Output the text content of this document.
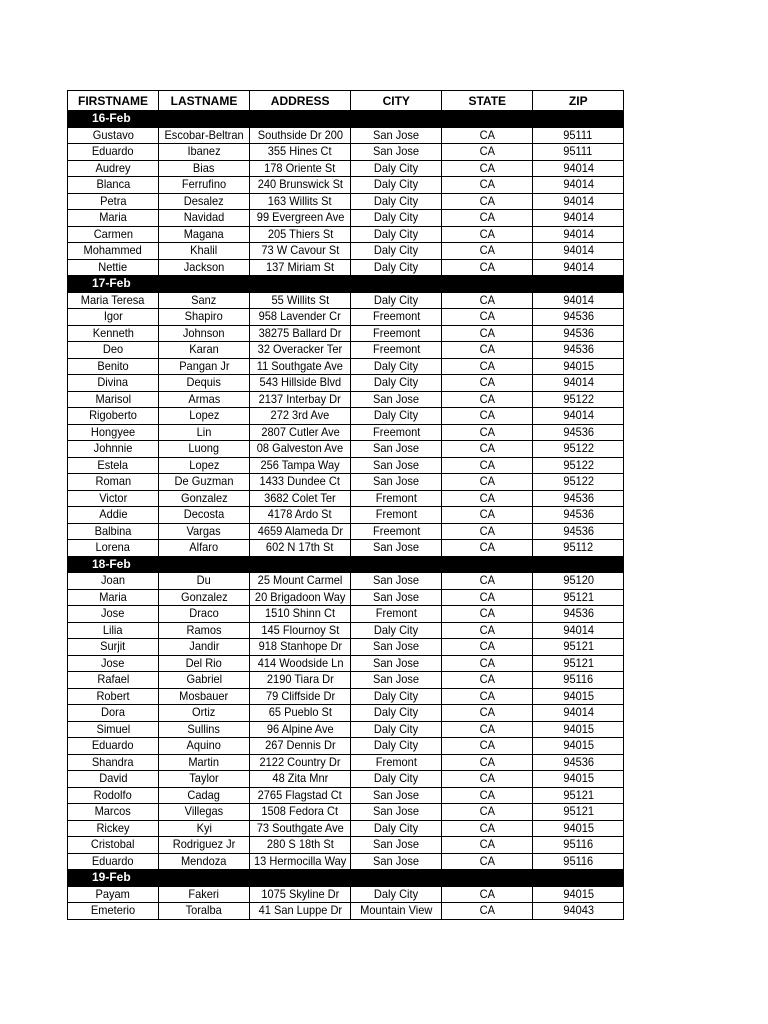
FIRSTNAME	LASTNAME	ADDRESS	CITY	STATE	ZIP
16-Feb					
Gustavo	Escobar-Beltran	Southside Dr 200	San Jose	CA	95111
Eduardo	Ibanez	355 Hines Ct	San Jose	CA	95111
Audrey	Bias	178 Oriente St	Daly City	CA	94014
Blanca	Ferrufino	240 Brunswick St	Daly City	CA	94014
Petra	Desalez	163 Willits St	Daly City	CA	94014
Maria	Navidad	99 Evergreen Ave	Daly City	CA	94014
Carmen	Magana	205 Thiers St	Daly City	CA	94014
Mohammed	Khalil	73 W Cavour St	Daly City	CA	94014
Nettie	Jackson	137 Miriam St	Daly City	CA	94014
17-Feb					
Maria Teresa	Sanz	55 Willits St	Daly City	CA	94014
Igor	Shapiro	958 Lavender Cr	Freemont	CA	94536
Kenneth	Johnson	38275 Ballard Dr	Freemont	CA	94536
Deo	Karan	32 Overacker Ter	Freemont	CA	94536
Benito	Pangan Jr	11 Southgate Ave	Daly City	CA	94015
Divina	Dequis	543 Hillside Blvd	Daly City	CA	94014
Marisol	Armas	2137 Interbay Dr	San Jose	CA	95122
Rigoberto	Lopez	272 3rd Ave	Daly City	CA	94014
Hongyee	Lin	2807 Cutler Ave	Freemont	CA	94536
Johnnie	Luong	08 Galveston Ave	San Jose	CA	95122
Estela	Lopez	256 Tampa Way	San Jose	CA	95122
Roman	De Guzman	1433 Dundee Ct	San Jose	CA	95122
Victor	Gonzalez	3682 Colet Ter	Fremont	CA	94536
Addie	Decosta	4178 Ardo St	Fremont	CA	94536
Balbina	Vargas	4659 Alameda Dr	Freemont	CA	94536
Lorena	Alfaro	602 N 17th St	San Jose	CA	95112
18-Feb					
Joan	Du	25 Mount Carmel	San Jose	CA	95120
Maria	Gonzalez	20 Brigadoon Way	San Jose	CA	95121
Jose	Draco	1510 Shinn Ct	Fremont	CA	94536
Lilia	Ramos	145 Flournoy St	Daly City	CA	94014
Surjit	Jandir	918 Stanhope Dr	San Jose	CA	95121
Jose	Del Rio	414 Woodside Ln	San Jose	CA	95121
Rafael	Gabriel	2190 Tiara Dr	San Jose	CA	95116
Robert	Mosbauer	79 Cliffside Dr	Daly City	CA	94015
Dora	Ortiz	65 Pueblo St	Daly City	CA	94014
Simuel	Sullins	96 Alpine Ave	Daly City	CA	94015
Eduardo	Aquino	267 Dennis Dr	Daly City	CA	94015
Shandra	Martin	2122 Country Dr	Fremont	CA	94536
David	Taylor	48 Zita Mnr	Daly City	CA	94015
Rodolfo	Cadag	2765 Flagstad Ct	San Jose	CA	95121
Marcos	Villegas	1508 Fedora Ct	San Jose	CA	95121
Rickey	Kyi	73 Southgate Ave	Daly City	CA	94015
Cristobal	Rodriguez Jr	280 S 18th St	San Jose	CA	95116
Eduardo	Mendoza	13 Hermocilla Way	San Jose	CA	95116
19-Feb					
Payam	Fakeri	1075 Skyline Dr	Daly City	CA	94015
Emeterio	Toralba	41 San Luppe Dr	Mountain View	CA	94043
